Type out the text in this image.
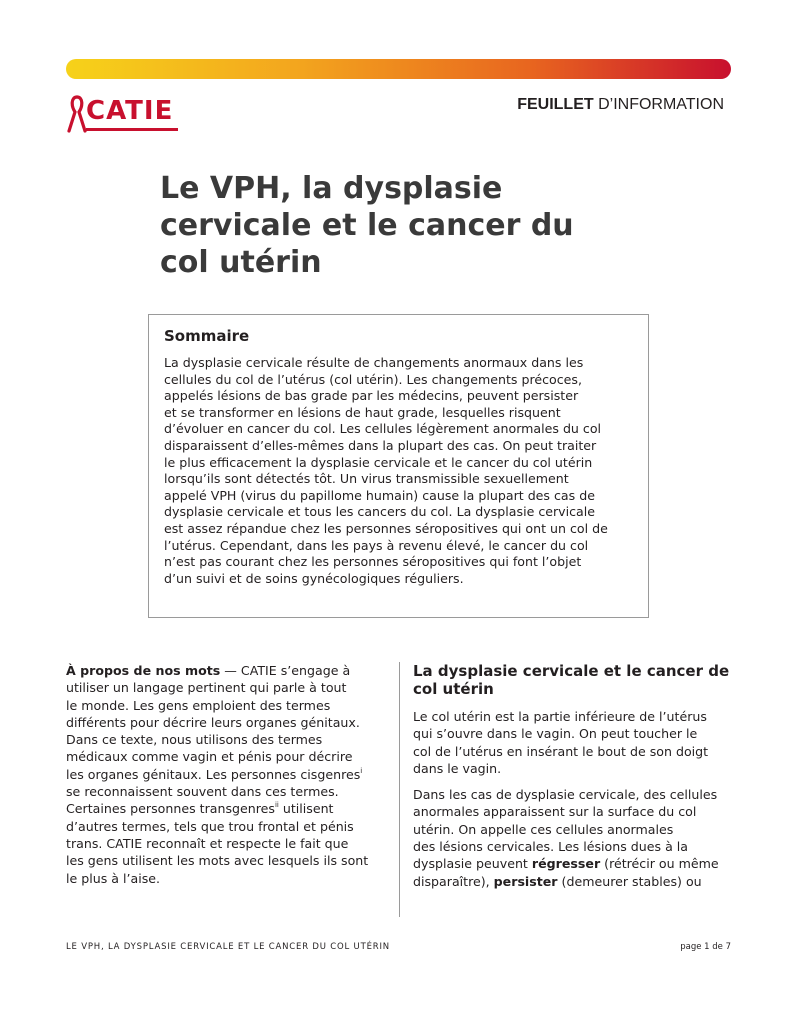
CATIE	FEUILLET D’INFORMATION
Le VPH, la dysplasie
cervicale et le cancer du
col utérin
Sommaire
La dysplasie cervicale résulte de changements anormaux dans les
cellules du col de l’utérus (col utérin). Les changements précoces,
appelés lésions de bas grade par les médecins, peuvent persister
et se transformer en lésions de haut grade, lesquelles risquent
d’évoluer en cancer du col. Les cellules légèrement anormales du col
disparaissent d’elles-mêmes dans la plupart des cas. On peut traiter
le plus efficacement la dysplasie cervicale et le cancer du col utérin
lorsqu’ils sont détectés tôt. Un virus transmissible sexuellement
appelé VPH (virus du papillome humain) cause la plupart des cas de
dysplasie cervicale et tous les cancers du col. La dysplasie cervicale
est assez répandue chez les personnes séropositives qui ont un col de
l’utérus. Cependant, dans les pays à revenu élevé, le cancer du col
n’est pas courant chez les personnes séropositives qui font l’objet
d’un suivi et de soins gynécologiques réguliers.
À propos de nos mots — CATIE s’engage à
utiliser un langage pertinent qui parle à tout
le monde. Les gens emploient des termes
différents pour décrire leurs organes génitaux.
Dans ce texte, nous utilisons des termes
médicaux comme vagin et pénis pour décrire
les organes génitaux. Les personnes cisgenres$^i$
se reconnaissent souvent dans ces termes.
Certaines personnes transgenres$^{ii}$ utilisent
d’autres termes, tels que trou frontal et pénis
trans. CATIE reconnaît et respecte le fait que
les gens utilisent les mots avec lesquels ils sont
le plus à l’aise.
La dysplasie cervicale et le cancer de
col utérin
Le col utérin est la partie inférieure de l’utérus
qui s’ouvre dans le vagin. On peut toucher le
col de l’utérus en insérant le bout de son doigt
dans le vagin.
Dans les cas de dysplasie cervicale, des cellules
anormales apparaissent sur la surface du col
utérin. On appelle ces cellules anormales
des lésions cervicales. Les lésions dues à la
dysplasie peuvent régresser (rétrécir ou même
disparaître), persister (demeurer stables) ou
LE VPH, LA DYSPLASIE CERVICALE ET LE CANCER DU COL UTÉRIN	page 1 de 7
